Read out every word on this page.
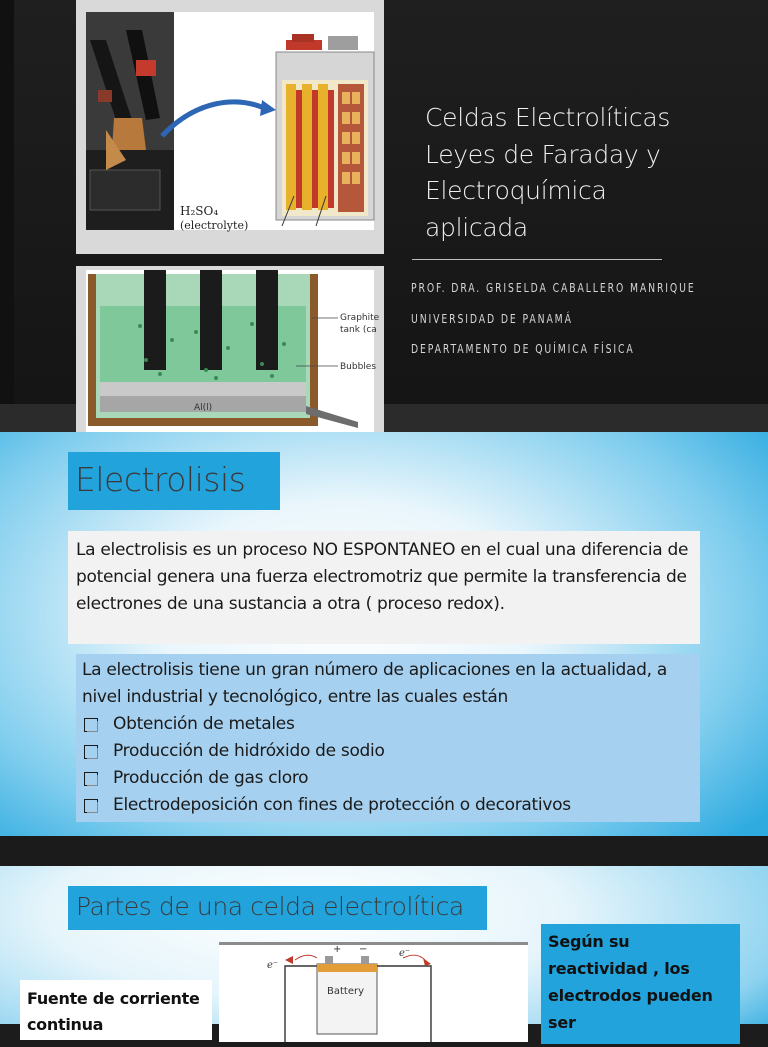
H₂SO₄
(electrolyte)
Graphite
tank (ca
Bubbles
Al(l)
Celdas Electrolíticas
Leyes de Faraday y
Electroquímica
aplicada
PROF. DRA. GRISELDA CABALLERO MANRIQUE
UNIVERSIDAD DE PANAMÁ
DEPARTAMENTO DE QUÍMICA FÍSICA
Electrolisis

La electrolisis es un proceso NO ESPONTANEO en el cual una diferencia de potencial genera una fuerza electromotriz que permite la transferencia de electrones de una sustancia a otra ( proceso redox).

La electrolisis tiene un gran número de aplicaciones en la actualidad, a nivel industrial y tecnológico, entre las cuales están

Obtención de metales
Producción de hidróxido de sodio
Producción de gas cloro
Electrodeposición con fines de protección o decorativos
Partes de una celda electrolítica
e⁻
e⁻
+ −
Battery

Fuente de corriente continua

Según su reactividad , los electrodos pueden ser
